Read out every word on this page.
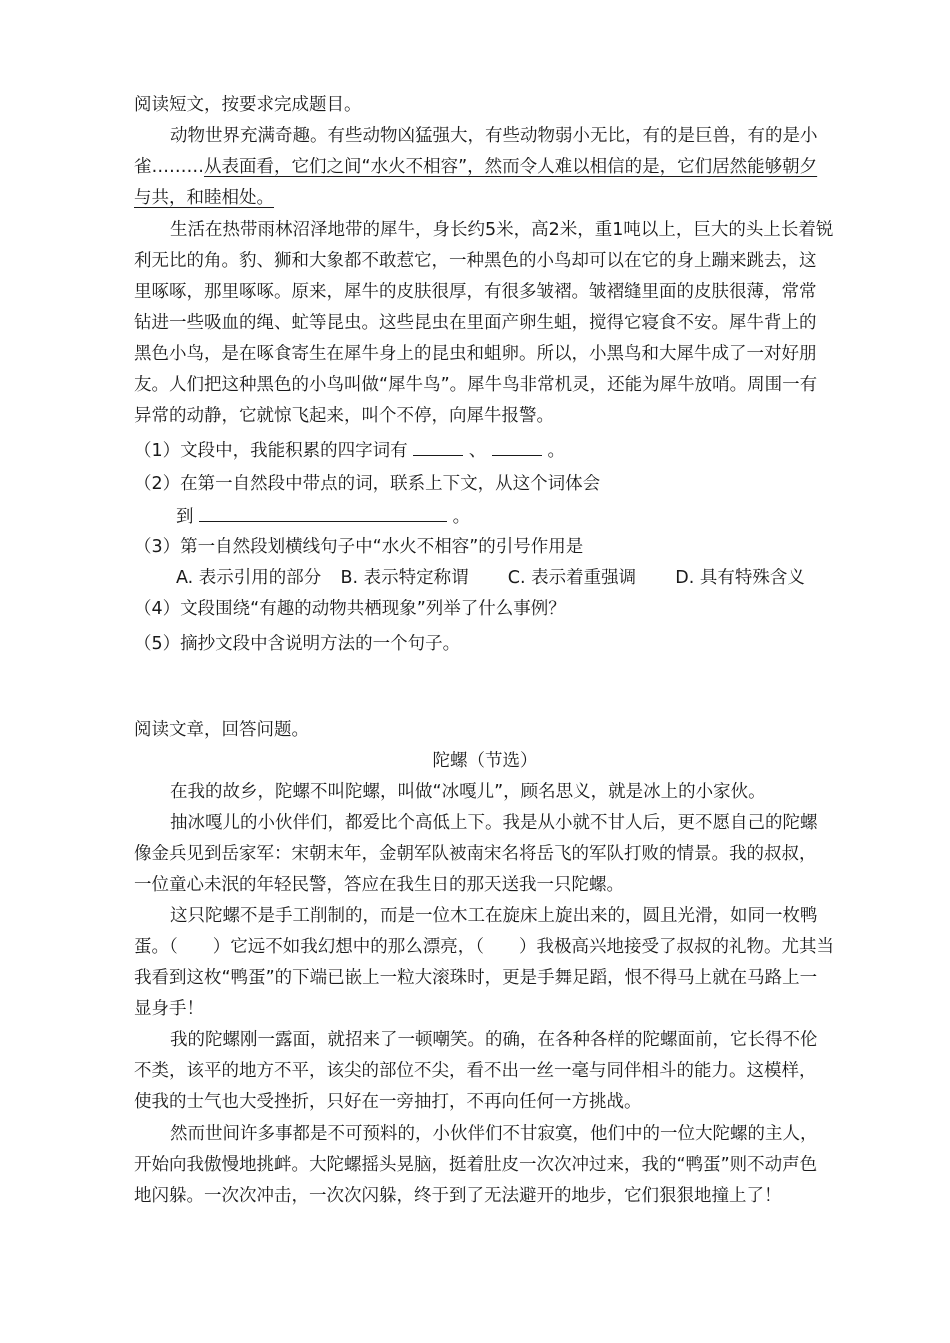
阅读短文，按要求完成题目。
动物世界充满奇趣。有些动物凶猛强大，有些动物弱小无比，有的是巨兽，有的是小
雀………从表面看，它们之间“水火不相容”，然而令人难以相信的是，它们居然能够朝夕
与共，和睦相处。
生活在热带雨林沼泽地带的犀牛，身长约5米，高2米，重1吨以上，巨大的头上长着锐
利无比的角。豹、狮和大象都不敢惹它，一种黑色的小鸟却可以在它的身上蹦来跳去，这
里啄啄，那里啄啄。原来，犀牛的皮肤很厚，有很多皱褶。皱褶缝里面的皮肤很薄，常常
钻进一些吸血的绳、虻等昆虫。这些昆虫在里面产卵生蛆，搅得它寝食不安。犀牛背上的
黑色小鸟，是在啄食寄生在犀牛身上的昆虫和蛆卵。所以，小黑鸟和大犀牛成了一对好朋
友。人们把这种黑色的小鸟叫做“犀牛鸟”。犀牛鸟非常机灵，还能为犀牛放哨。周围一有
异常的动静，它就惊飞起来，叫个不停，向犀牛报警。
（1）文段中，我能积累的四字词有	、	。
（2）在第一自然段中带点的词，联系上下文，从这个词体会
到	。
（3）第一自然段划横线句子中“水火不相容”的引号作用是
A. 表示引用的部分 B. 表示特定称谓 C. 表示着重强调 D. 具有特殊含义
（4）文段围绕“有趣的动物共栖现象”列举了什么事例？
（5）摘抄文段中含说明方法的一个句子。
阅读文章，回答问题。
陀螺（节选）
在我的故乡，陀螺不叫陀螺，叫做“冰嘎儿”，顾名思义，就是冰上的小家伙。
抽冰嘎儿的小伙伴们，都爱比个高低上下。我是从小就不甘人后，更不愿自己的陀螺
像金兵见到岳家军：宋朝末年，金朝军队被南宋名将岳飞的军队打败的情景。我的叔叔，
一位童心未泯的年轻民警，答应在我生日的那天送我一只陀螺。
这只陀螺不是手工削制的，而是一位木工在旋床上旋出来的，圆且光滑，如同一枚鸭
蛋。（　　）它远不如我幻想中的那么漂亮，（　　）我极高兴地接受了叔叔的礼物。尤其当
我看到这枚“鸭蛋”的下端已嵌上一粒大滚珠时，更是手舞足蹈，恨不得马上就在马路上一
显身手！
我的陀螺刚一露面，就招来了一顿嘲笑。的确，在各种各样的陀螺面前，它长得不伦
不类，该平的地方不平，该尖的部位不尖，看不出一丝一毫与同伴相斗的能力。这模样，
使我的士气也大受挫折，只好在一旁抽打，不再向任何一方挑战。
然而世间许多事都是不可预料的，小伙伴们不甘寂寞，他们中的一位大陀螺的主人，
开始向我傲慢地挑衅。大陀螺摇头晃脑，挺着肚皮一次次冲过来，我的“鸭蛋”则不动声色
地闪躲。一次次冲击，一次次闪躲，终于到了无法避开的地步，它们狠狠地撞上了！
